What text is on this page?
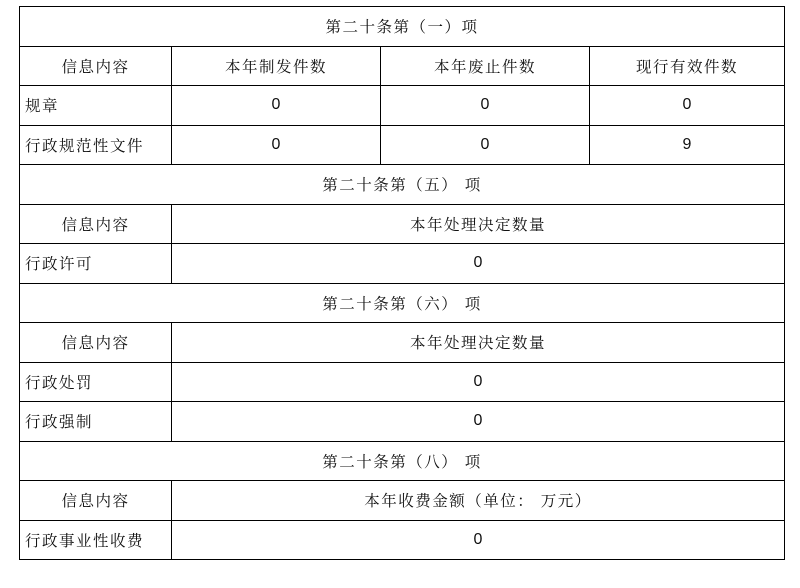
第二十条第（一）项			
信息内容	本年制发件数	本年废止件数	现行有效件数
规章	0	0	0
行政规范性文件	0	0	9
第二十条第（五） 项			
信息内容	本年处理决定数量		
行政许可	0		
第二十条第（六） 项			
信息内容	本年处理决定数量		
行政处罚	0		
行政强制	0		
第二十条第（八） 项			
信息内容	本年收费金额（单位： 万元）		
行政事业性收费	0		
